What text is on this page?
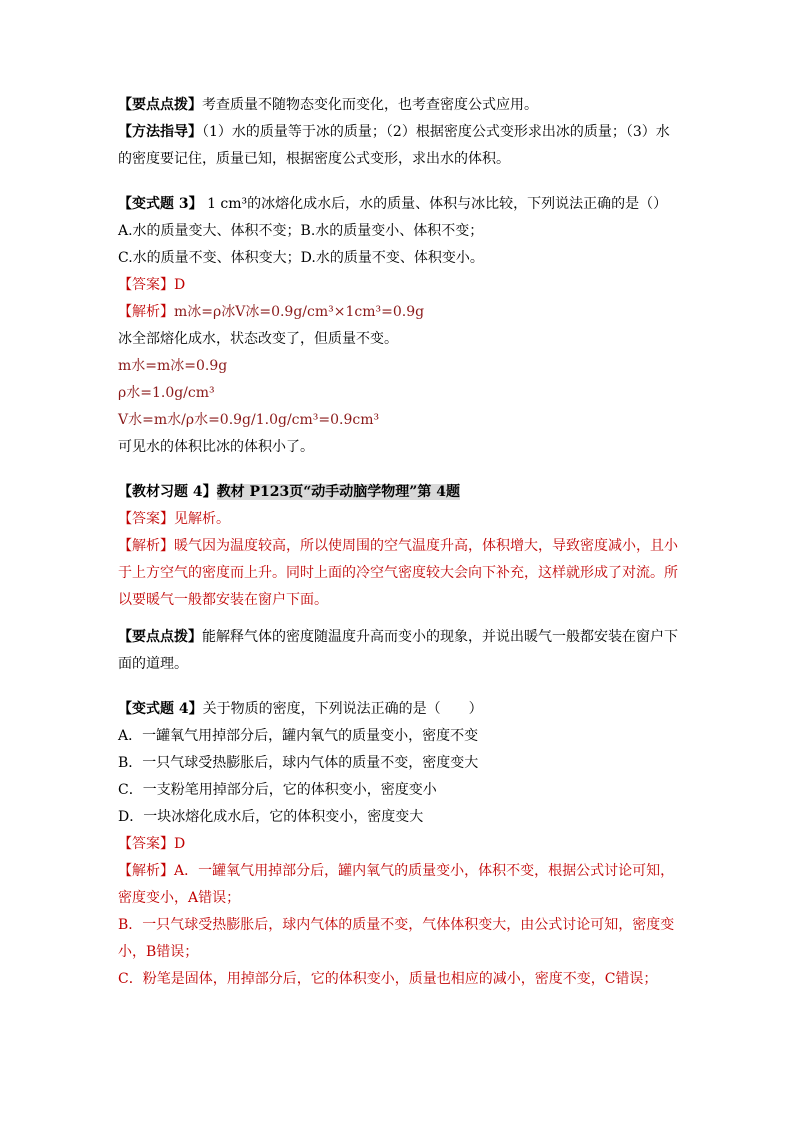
【要点点拨】考查质量不随物态变化而变化，也考查密度公式应用。

【方法指导】（1）水的质量等于冰的质量；（2）根据密度公式变形求出冰的质量；（3）水

的密度要记住，质量已知，根据密度公式变形，求出水的体积。

【变式题 3】 1 cm³的冰熔化成水后，水的质量、体积与冰比较，下列说法正确的是（）

A.水的质量变大、体积不变；B.水的质量变小、体积不变；

C.水的质量不变、体积变大；D.水的质量不变、体积变小。

【答案】D

【解析】m冰=ρ冰V冰=0.9g/cm³×1cm³=0.9g

冰全部熔化成水，状态改变了，但质量不变。

m水=m冰=0.9g

ρ水=1.0g/cm³

V水=m水/ρ水=0.9g/1.0g/cm³=0.9cm³

可见水的体积比冰的体积小了。

【教材习题 4】教材 P123页“动手动脑学物理”第 4题

【答案】见解析。

【解析】暖气因为温度较高，所以使周围的空气温度升高，体积增大，导致密度减小，且小

于上方空气的密度而上升。同时上面的冷空气密度较大会向下补充，这样就形成了对流。所

以要暖气一般都安装在窗户下面。

【要点点拨】能解释气体的密度随温度升高而变小的现象，并说出暖气一般都安装在窗户下

面的道理。

【变式题 4】关于物质的密度，下列说法正确的是（　　）

A．一罐氧气用掉部分后，罐内氧气的质量变小，密度不变

B．一只气球受热膨胀后，球内气体的质量不变，密度变大

C．一支粉笔用掉部分后，它的体积变小，密度变小

D．一块冰熔化成水后，它的体积变小，密度变大

【答案】D

【解析】A．一罐氧气用掉部分后，罐内氧气的质量变小，体积不变，根据公式讨论可知，

密度变小，A错误；

B．一只气球受热膨胀后，球内气体的质量不变，气体体积变大，由公式讨论可知，密度变

小，B错误；

C．粉笔是固体，用掉部分后，它的体积变小，质量也相应的减小，密度不变，C错误；
